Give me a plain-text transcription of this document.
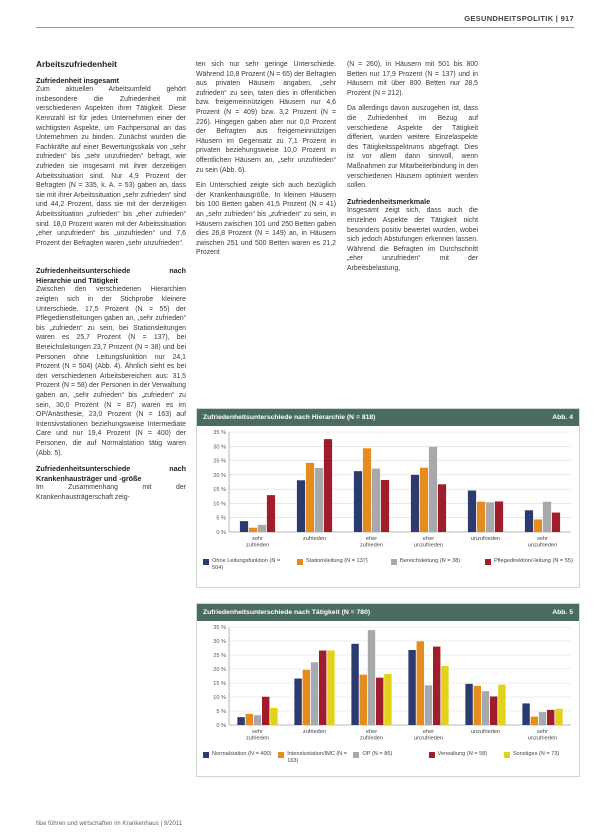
GESUNDHEITSPOLITIK | 917
Arbeitszufriedenheit
Zufriedenheit insgesamt

Zum aktuellen Arbeitsumfeld gehört insbesondere die Zufriedenheit mit verschiedenen Aspekten ihrer Tätigkeit. Diese Kennzahl ist für jedes Unternehmen einer der wichtigsten Aspekte, um Fachpersonal an das Unternehmen zu binden. Zunächst wurden die Fachkräfte auf einer Bewertungsskala von „sehr zufrieden“ bis „sehr unzufrieden“ befragt, wie zufrieden sie insgesamt mit ihrer derzeitigen Arbeitssituation sind. Nur 4,9 Prozent der Befragten (N = 335, k. A. = 53) gaben an, dass sie mit ihrer Arbeitssituation „sehr zufrieden“ sind und 44,2 Prozent, dass sie mit der derzeitigen Arbeitssituation „zufrieden“ bis „eher zufrieden“ sind. 18,0 Prozent waren mit der Arbeitssituation „eher unzufrieden“ bis „unzufrieden“ und 7,6 Prozent der Befragten waren „sehr unzufrieden“.

Zufriedenheitsunterschiede nach Hierarchie und Tätigkeit

Zwischen den verschiedenen Hierarchien zeigten sich in der Stichprobe kleinere Unterschiede. 17,5 Prozent (N = 55) der Pflegedienstleitungen gaben an, „sehr zufrieden“ bis „zufrieden“ zu sein, bei Stationsleitungen waren es 25,7 Prozent (N = 137), bei Bereichsleitungen 23,7 Prozent (N = 38) und bei Personen ohne Leitungsfunktion nur 24,1 Prozent (N = 504) (Abb. 4). Ähnlich sieht es bei den verschiedenen Arbeitsbereichen aus: 31,5 Prozent (N = 58) der Personen in der Verwaltung gaben an, „sehr zufrieden“ bis „zufrieden“ zu sein, 30,0 Prozent (N = 87) waren es im OP/Anästhesie, 23,0 Prozent (N = 163) auf Intensivstationen beziehungsweise Intermediate Care und nur 19,4 Prozent (N = 400) der Personen, die auf Normalstation tätig waren (Abb. 5).

Zufriedenheitsunterschiede nach Krankenhausträger und -größe

Im Zusammenhang mit der Krankenhausträgerschaft zeig-

ten sich nur sehr geringe Unterschiede. Während 10,8 Prozent (N = 65) der Befragten aus privaten Häusern angaben, „sehr zufrieden“ zu sein, taten dies in öffentlichen bzw. freigemeinnützigen Häusern nur 4,6 Prozent (N = 409) bzw. 3,2 Prozent (N = 226). Hingegen gaben aber nur 0,0 Prozent der Befragten aus freigemeinnützigen Häusern im Gegensatz zu 7,1 Prozent in privaten beziehungsweise 10,0 Prozent in öffentlichen Häusern an, „sehr unzufrieden“ zu sein (Abb. 6).

Ein Unterschied zeigte sich auch bezüglich der Krankenhausgröße. In kleinen Häusern bis 100 Betten gaben 41,5 Prozent (N = 41) an „sehr zufrieden“ bis „zufrieden“ zu sein, in Häusern zwischen 101 und 250 Betten gaben dies 26,8 Prozent (N = 149) an, in Häusern zwischen 251 und 500 Betten waren es 21,2 Prozent

(N = 260), in Häusern mit 501 bis 800 Betten nur 17,9 Prozent (N = 137) und in Häusern mit über 800 Betten nur 28,5 Prozent (N = 212).

Da allerdings davon auszugehen ist, dass die Zufriedenheit im Bezug auf verschiedene Aspekte der Tätigkeit differiert, wurden weitere Einzelaspekte des Tätigkeitsspektrums abgefragt. Dies ist vor allem dann sinnvoll, wenn Maßnahmen zur Mitarbeiterbindung in den verschiedenen Häusern optimiert werden sollen.

Zufriedenheitsmerkmale

Insgesamt zeigt sich, dass auch die einzelnen Aspekte der Tätigkeit nicht besonders positiv bewertet wurden, wobei sich jedoch Abstufungen erkennen lassen. Während die Befragten im Durchschnitt „eher unzufrieden“ mit der Arbeitsbelastung,

Zufriedenheitsunterschiede nach Hierarchie (N = 818)	Abb. 4
0 %
5 %
10 %
15 %
20 %
25 %
30 %
35 %
sehr
zufrieden
zufrieden	eher
zufrieden
eher
unzufrieden
unzufrieden	sehr
unzufrieden
Ohne Leitungsfunktion (N = 504)
Stationsleitung (N = 137)	Bereichsleitung (N = 38)	Pflegedirektion/-leitung (N = 55)
Zufriedenheitsunterschiede nach Tätigkeit (N = 780)	Abb. 5
0 %
5 %
10 %
15 %
20 %
25 %
30 %
35 %
sehr
zufrieden
zufrieden	eher
zufrieden
eher
unzufrieden
unzufrieden	sehr
unzufrieden
Normalstation (N = 400)	Intensivstation/IMC (N = 163)
OP (N = 86)	Verwaltung (N = 58)	Sonstiges (N = 73)
f&w führen und wirtschaften im Krankenhaus | 9/2011
